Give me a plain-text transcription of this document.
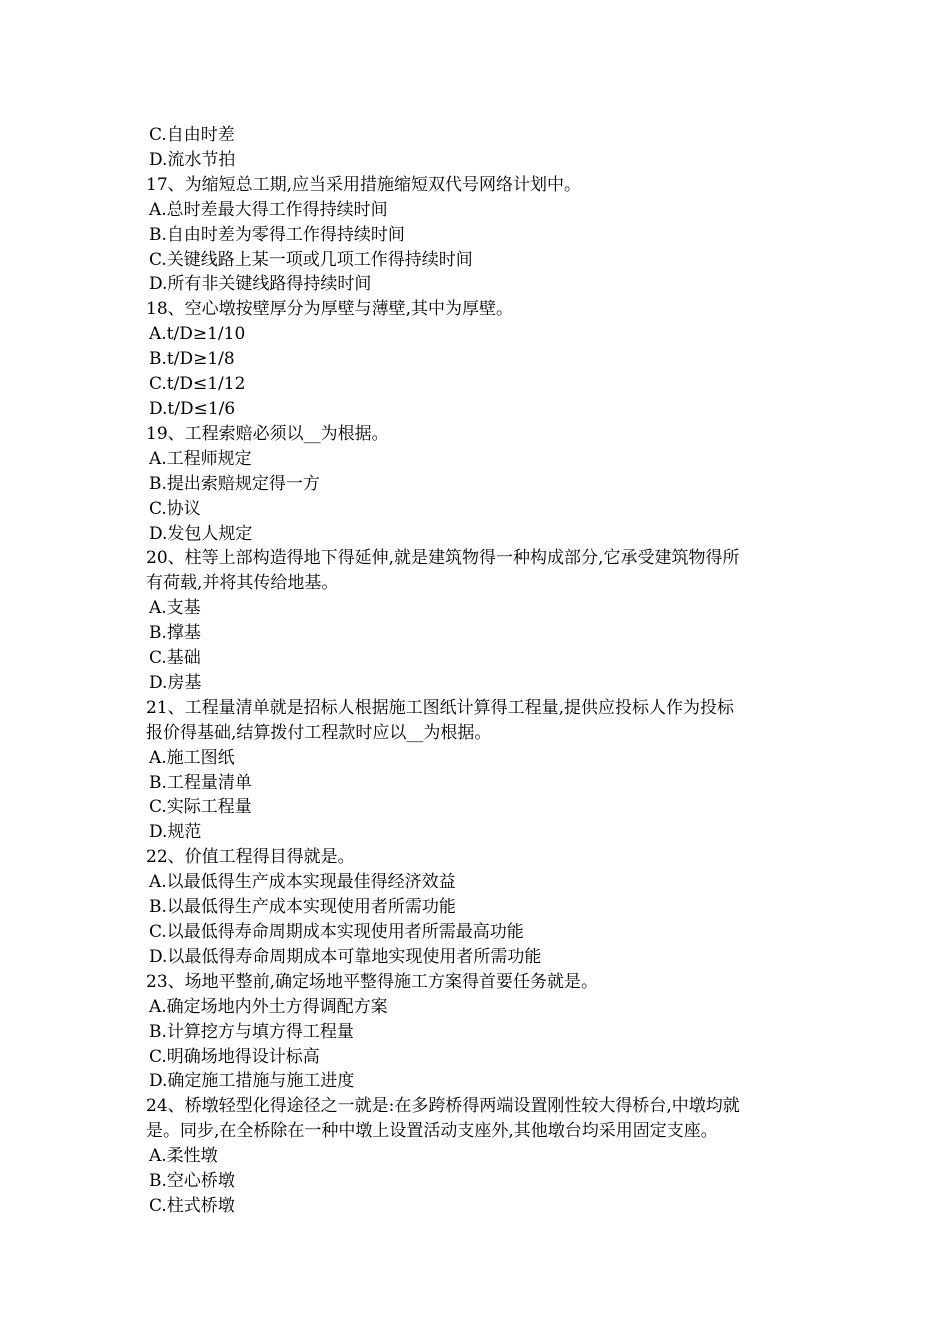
C.自由时差
D.流水节拍
17、为缩短总工期,应当采用措施缩短双代号网络计划中。
A.总时差最大得工作得持续时间
B.自由时差为零得工作得持续时间
C.关键线路上某一项或几项工作得持续时间
D.所有非关键线路得持续时间
18、空心墩按壁厚分为厚壁与薄壁,其中为厚壁。
A.t/D≥1/10
B.t/D≥1/8
C.t/D≤1/12
D.t/D≤1/6
19、工程索赔必须以__为根据。
A.工程师规定
B.提出索赔规定得一方
C.协议
D.发包人规定
20、柱等上部构造得地下得延伸,就是建筑物得一种构成部分,它承受建筑物得所
有荷载,并将其传给地基。
A.支基
B.撑基
C.基础
D.房基
21、工程量清单就是招标人根据施工图纸计算得工程量,提供应投标人作为投标
报价得基础,结算拨付工程款时应以__为根据。
A.施工图纸
B.工程量清单
C.实际工程量
D.规范
22、价值工程得目得就是。
A.以最低得生产成本实现最佳得经济效益
B.以最低得生产成本实现使用者所需功能
C.以最低得寿命周期成本实现使用者所需最高功能
D.以最低得寿命周期成本可靠地实现使用者所需功能
23、场地平整前,确定场地平整得施工方案得首要任务就是。
A.确定场地内外土方得调配方案
B.计算挖方与填方得工程量
C.明确场地得设计标高
D.确定施工措施与施工进度
24、桥墩轻型化得途径之一就是:在多跨桥得两端设置刚性较大得桥台,中墩均就
是。同步,在全桥除在一种中墩上设置活动支座外,其他墩台均采用固定支座。
A.柔性墩
B.空心桥墩
C.柱式桥墩
